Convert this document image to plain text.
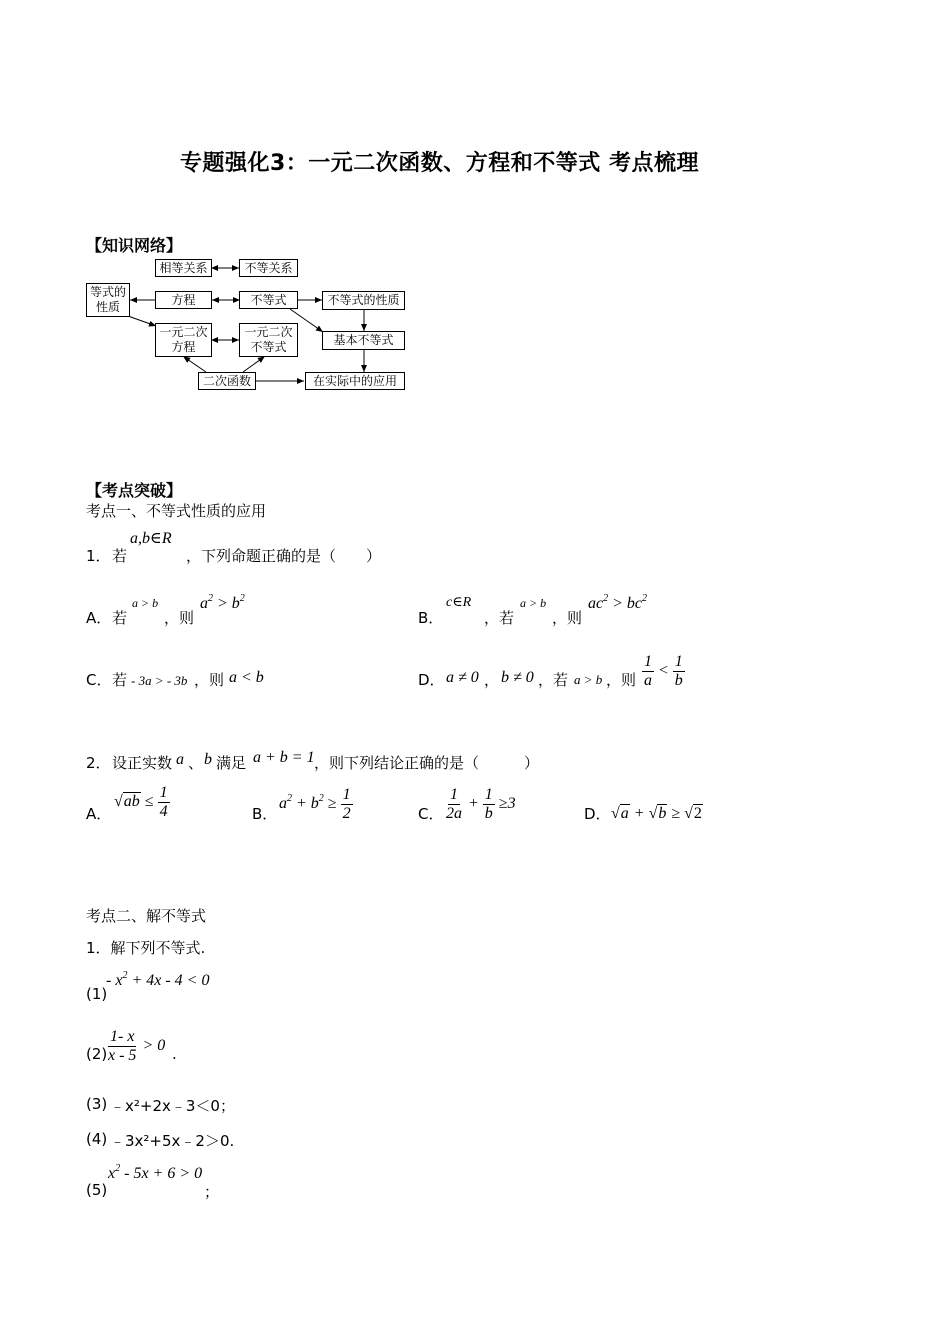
专题强化3：一元二次函数、方程和不等式 考点梳理
【知识网络】
相等关系	不等关系
等式的
性质
方程	不等式	不等式的性质
一元二次
方程
一元二次
不等式	基本不等式
二次函数	在实际中的应用
【考点突破】
考点一、不等式性质的应用
1． 若
a,b∈R
，下列命题正确的是（　　）
A． 若
a > b
，则
$a^2 > b^2$
B．
c∈R
，若
a > b
，则
$ac^2 > bc^2$
C． 若 - 3a > - 3b ，则 a < b	D． a ≠ 0 ， b ≠ 0 ，若 a > b ，则 $\frac{1}{a} < \frac{1}{b}$
2． 设正实数 a 、 b 满足 a + b = 1 ，则下列结论正确的是（　　　）
A．
$√ab \le \frac{1}{4}$	B．
$a^2 + b^2 \ge \frac{1}{2}$	C． $\frac{1}{2a} + \frac{1}{b} \ge 3$
D． √a + √b ≥ √2
考点二、解不等式
1．解下列不等式.
(1)
- $x^2 + 4x - 4 < 0$
(2)
$\frac{1- x}{x - 5} > 0$ .
(3) ﹣x²+2x﹣3＜0；
(4) ﹣3x²+5x﹣2＞0.
(5)
$x^2 - 5x + 6 > 0$
；
